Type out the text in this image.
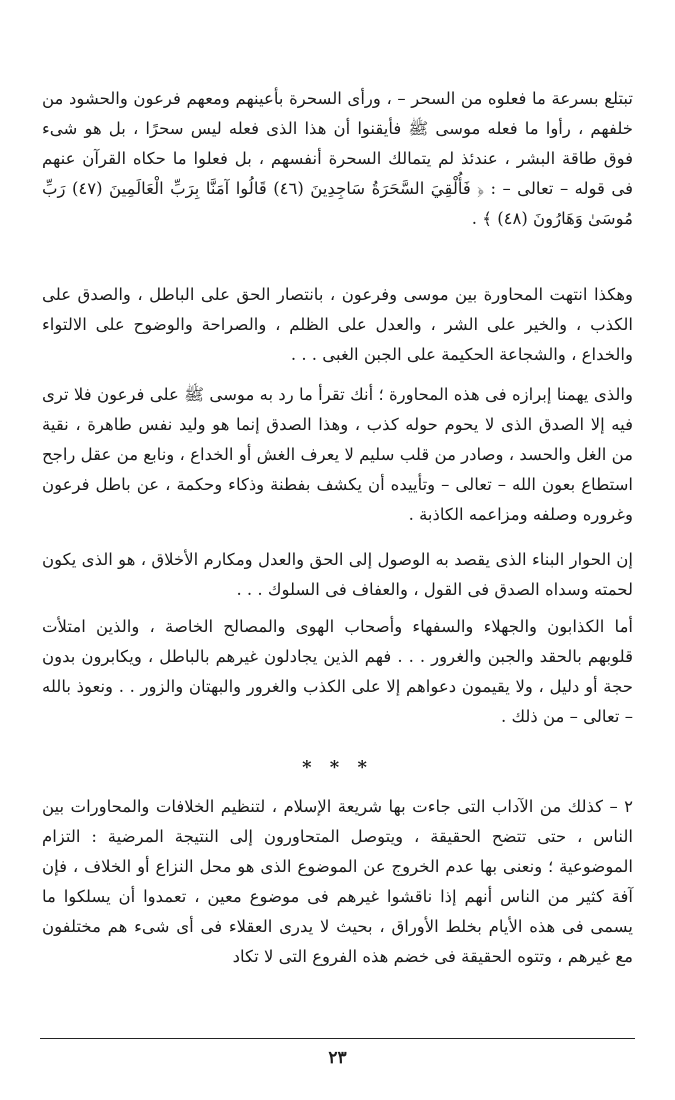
تبتلع بسرعة ما فعلوه من السحر – ، ورأى السحرة بأعينهم ومعهم فرعون والحشود من خلفهم ، رأوا ما فعله موسى ﷺ فأيقنوا أن هذا الذى فعله ليس سحرًا ، بل هو شىء فوق طاقة البشر ، عندئذ لم يتمالك السحرة أنفسهم ، بل فعلوا ما حكاه القرآن عنهم فى قوله – تعالى – : ﴿ فَأُلْقِيَ السَّحَرَةُ سَاجِدِينَ (٤٦) قَالُوا آمَنَّا بِرَبِّ الْعَالَمِينَ (٤٧) رَبِّ مُوسَىٰ وَهَارُونَ (٤٨) ﴾ .
وهكذا انتهت المحاورة بين موسى وفرعون ، بانتصار الحق على الباطل ، والصدق على الكذب ، والخير على الشر ، والعدل على الظلم ، والصراحة والوضوح على الالتواء والخداع ، والشجاعة الحكيمة على الجبن الغبى . . .
والذى يهمنا إبرازه فى هذه المحاورة ؛ أنك تقرأ ما رد به موسى ﷺ على فرعون فلا ترى فيه إلا الصدق الذى لا يحوم حوله كذب ، وهذا الصدق إنما هو وليد نفس طاهرة ، نقية من الغل والحسد ، وصادر من قلب سليم لا يعرف الغش أو الخداع ، ونابع من عقل راجح استطاع بعون الله – تعالى – وتأييده أن يكشف بفطنة وذكاء وحكمة ، عن باطل فرعون وغروره وصلفه ومزاعمه الكاذبة .
إن الحوار البناء الذى يقصد به الوصول إلى الحق والعدل ومكارم الأخلاق ، هو الذى يكون لحمته وسداه الصدق فى القول ، والعفاف فى السلوك . . .
أما الكذابون والجهلاء والسفهاء وأصحاب الهوى والمصالح الخاصة ، والذين امتلأت قلوبهم بالحقد والجبن والغرور . . . فهم الذين يجادلون غيرهم بالباطل ، ويكابرون بدون حجة أو دليل ، ولا يقيمون دعواهم إلا على الكذب والغرور والبهتان والزور . . ونعوذ بالله – تعالى – من ذلك .
* * *
٢ – كذلك من الآداب التى جاءت بها شريعة الإسلام ، لتنظيم الخلافات والمحاورات بين الناس ، حتى تتضح الحقيقة ، ويتوصل المتحاورون إلى النتيجة المرضية : التزام الموضوعية ؛ ونعنى بها عدم الخروج عن الموضوع الذى هو محل النزاع أو الخلاف ، فإن آفة كثير من الناس أنهم إذا ناقشوا غيرهم فى موضوع معين ، تعمدوا أن يسلكوا ما يسمى فى هذه الأيام بخلط الأوراق ، بحيث لا يدرى العقلاء فى أى شىء هم مختلفون مع غيرهم ، وتتوه الحقيقة فى خضم هذه الفروع التى لا تكاد
٢٣
